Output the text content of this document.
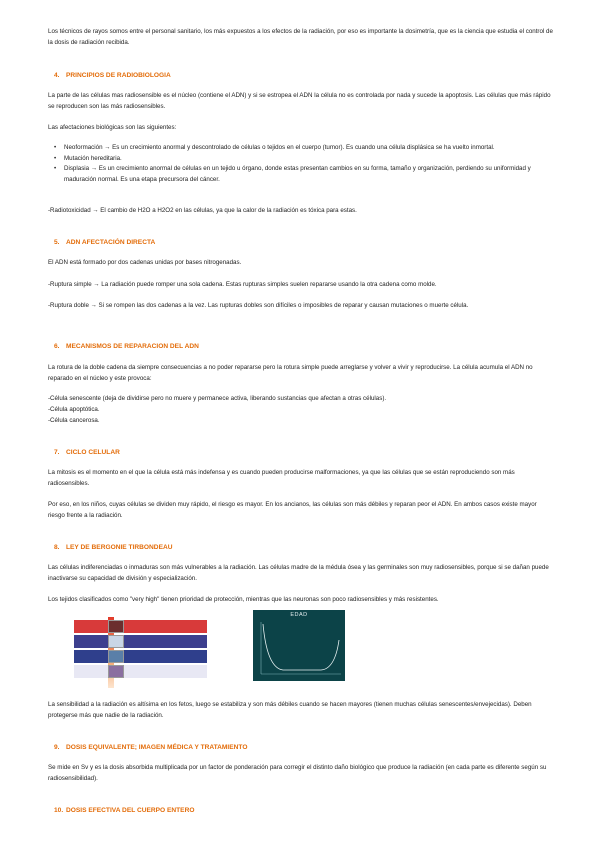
Los técnicos de rayos somos entre el personal sanitario, los más expuestos a los efectos de la radiación, por eso es importante la dosimetría, que es la ciencia que estudia el control de la dosis de radiación recibida.

4. PRINCIPIOS DE RADIOBIOLOGIA

La parte de las células mas radiosensible es el núcleo (contiene el ADN) y si se estropea el ADN la célula no es controlada por nada y sucede la apoptosis. Las células que más rápido se reproducen son las más radiosensibles.

Las afectaciones biológicas son las siguientes:

• Neoformación → Es un crecimiento anormal y descontrolado de células o tejidos en el cuerpo (tumor). Es cuando una célula displásica se ha vuelto inmortal.
• Mutación hereditaria.
• Displasia → Es un crecimiento anormal de células en un tejido u órgano, donde estas presentan cambios en su forma, tamaño y organización, perdiendo su uniformidad y maduración normal. Es una etapa precursora del cáncer.

-Radiotoxicidad → El cambio de H2O a H2O2 en las células, ya que la calor de la radiación es tóxica para estas.

5. ADN AFECTACIÓN DIRECTA

El ADN está formado por dos cadenas unidas por bases nitrogenadas.

-Ruptura simple → La radiación puede romper una sola cadena. Estas rupturas simples suelen repararse usando la otra cadena como molde.

-Ruptura doble → Si se rompen las dos cadenas a la vez. Las rupturas dobles son difíciles o imposibles de reparar y causan mutaciones o muerte célula.

6. MECANISMOS DE REPARACION DEL ADN

La rotura de la doble cadena da siempre consecuencias a no poder repararse pero la rotura simple puede arreglarse y volver a vivir y reproducirse. La célula acumula el ADN no reparado en el núcleo y este provoca:

-Célula senescente (deja de dividirse pero no muere y permanece activa, liberando sustancias que afectan a otras células).

-Célula apoptótica.

-Célula cancerosa.

7. CICLO CELULAR

La mitosis es el momento en el que la célula está más indefensa y es cuando pueden producirse malformaciones, ya que las células que se están reproduciendo son más radiosensibles.

Por eso, en los niños, cuyas células se dividen muy rápido, el riesgo es mayor. En los ancianos, las células son más débiles y reparan peor el ADN. En ambos casos existe mayor riesgo frente a la radiación.

8. LEY DE BERGONIE TIRBONDEAU

Las células indiferenciadas o inmaduras son más vulnerables a la radiación. Las células madre de la médula ósea y las germinales son muy radiosensibles, porque si se dañan puede inactivarse su capacidad de división y especialización.

Los tejidos clasificados como "very high" tienen prioridad de protección, mientras que las neuronas son poco radiosensibles y más resistentes.

La sensibilidad a la radiación es altísima en los fetos, luego se estabiliza y son más débiles cuando se hacen mayores (tienen muchas células senescentes/envejecidas). Deben protegerse más que nadie de la radiación.

9. DOSIS EQUIVALENTE; IMAGEN MÉDICA Y TRATAMIENTO

Se mide en Sv y es la dosis absorbida multiplicada por un factor de ponderación para corregir el distinto daño biológico que produce la radiación (en cada parte es diferente según su radiosensibilidad).

10. DOSIS EFECTIVA DEL CUERPO ENTERO
EDAD
